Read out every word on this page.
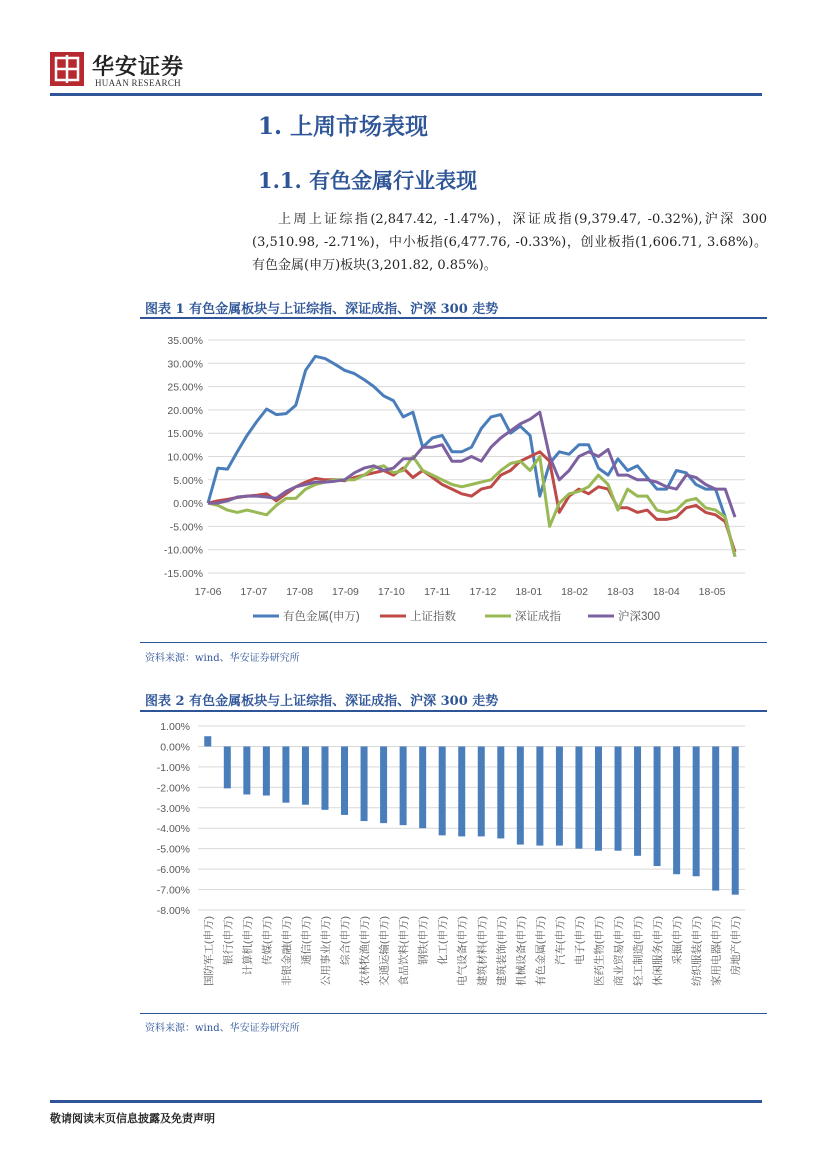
华安证券
HUAAN RESEARCH
1. 上周市场表现
1.1. 有色金属行业表现
上周上证综指(2,847.42, -1.47%)，深证成指(9,379.47, -0.32%),沪深 300 (3,510.98, -2.71%)，中小板指(6,477.76, -0.33%)，创业板指(1,606.71, 3.68%)。有色金属(申万)板块(3,201.82, 0.85%)。
图表 1 有色金属板块与上证综指、深证成指、沪深 300 走势
35.00%
30.00%
25.00%
20.00%
15.00%
10.00%
5.00%
0.00%
-5.00%
-10.00%
-15.00%
17-06 17-07 17-08 17-09 17-10 17-11 17-12 18-01 18-02 18-03 18-04 18-05
有色金属(申万)	上证指数	深证成指	沪深300
资料来源：wind、华安证券研究所
图表 2 有色金属板块与上证综指、深证成指、沪深 300 走势
1.00%
0.00%
-1.00%
-2.00%
-3.00%
-4.00%
-5.00%
-6.00%
-7.00%
-8.00%
国防军工(申万) 银行(申万) 计算机(申万) 传媒(申万) 非银金融(申万) 通信(申万) 公用事业(申万) 综合(申万) 农林牧渔(申万) 交通运输(申万) 食品饮料(申万) 钢铁(申万) 化工(申万) 电气设备(申万) 建筑材料(申万) 建筑装饰(申万) 机械设备(申万) 有色金属(申万) 汽车(申万) 电子(申万) 医药生物(申万) 商业贸易(申万) 轻工制造(申万) 休闲服务(申万) 采掘(申万) 纺织服装(申万) 家用电器(申万) 房地产(申万)
资料来源：wind、华安证券研究所
敬请阅读末页信息披露及免责声明
